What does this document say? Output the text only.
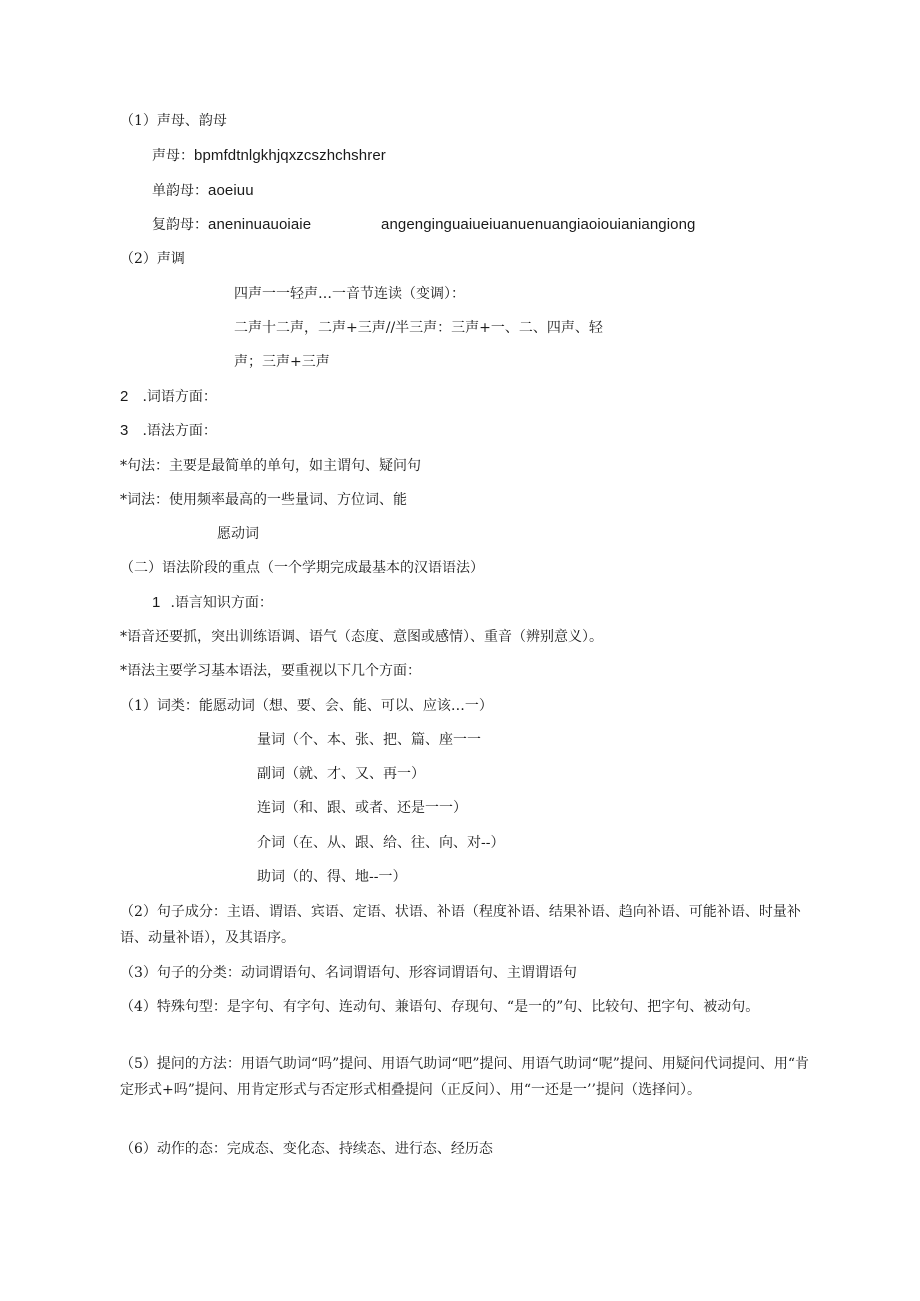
（1）声母、韵母
声母：bpmfdtnlgkhjqxzcszhchshrer
单韵母：aoeiuu
复韵母：aneninuauoiaie	angenginguaiueiuanuenuangiaoiouianiangiong
（2）声调
四声一一轻声…一音节连读（变调）：
二声十二声，二声+三声//半三声：三声+一、二、四声、轻
声；三声+三声
2 .词语方面：
3 .语法方面：
*句法：主要是最简单的单句，如主谓句、疑问句
*词法：使用频率最高的一些量词、方位词、能
愿动词
（二）语法阶段的重点（一个学期完成最基本的汉语语法）
1 .语言知识方面：
*语音还要抓，突出训练语调、语气（态度、意图或感情）、重音（辨别意义）。
*语法主要学习基本语法，要重视以下几个方面：
（1）词类：能愿动词（想、要、会、能、可以、应该…一）
量词（个、本、张、把、篇、座一一
副词（就、才、又、再一）
连词（和、跟、或者、还是一一）
介词（在、从、跟、给、往、向、对--）
助词（的、得、地--一）
（2）句子成分：主语、谓语、宾语、定语、状语、补语（程度补语、结果补语、趋向补语、可能补语、时量补语、动量补语），及其语序。
（3）句子的分类：动词谓语句、名词谓语句、形容词谓语句、主谓谓语句
（4）特殊句型：是字句、有字句、连动句、兼语句、存现句、“是一的”句、比较句、把字句、被动句。
（5）提问的方法：用语气助词“吗”提问、用语气助词“吧”提问、用语气助词“呢”提问、用疑问代词提问、用“肯定形式+吗”提问、用肯定形式与否定形式相叠提问（正反问）、用“一还是一’’提问（选择问）。
（6）动作的态：完成态、变化态、持续态、进行态、经历态
